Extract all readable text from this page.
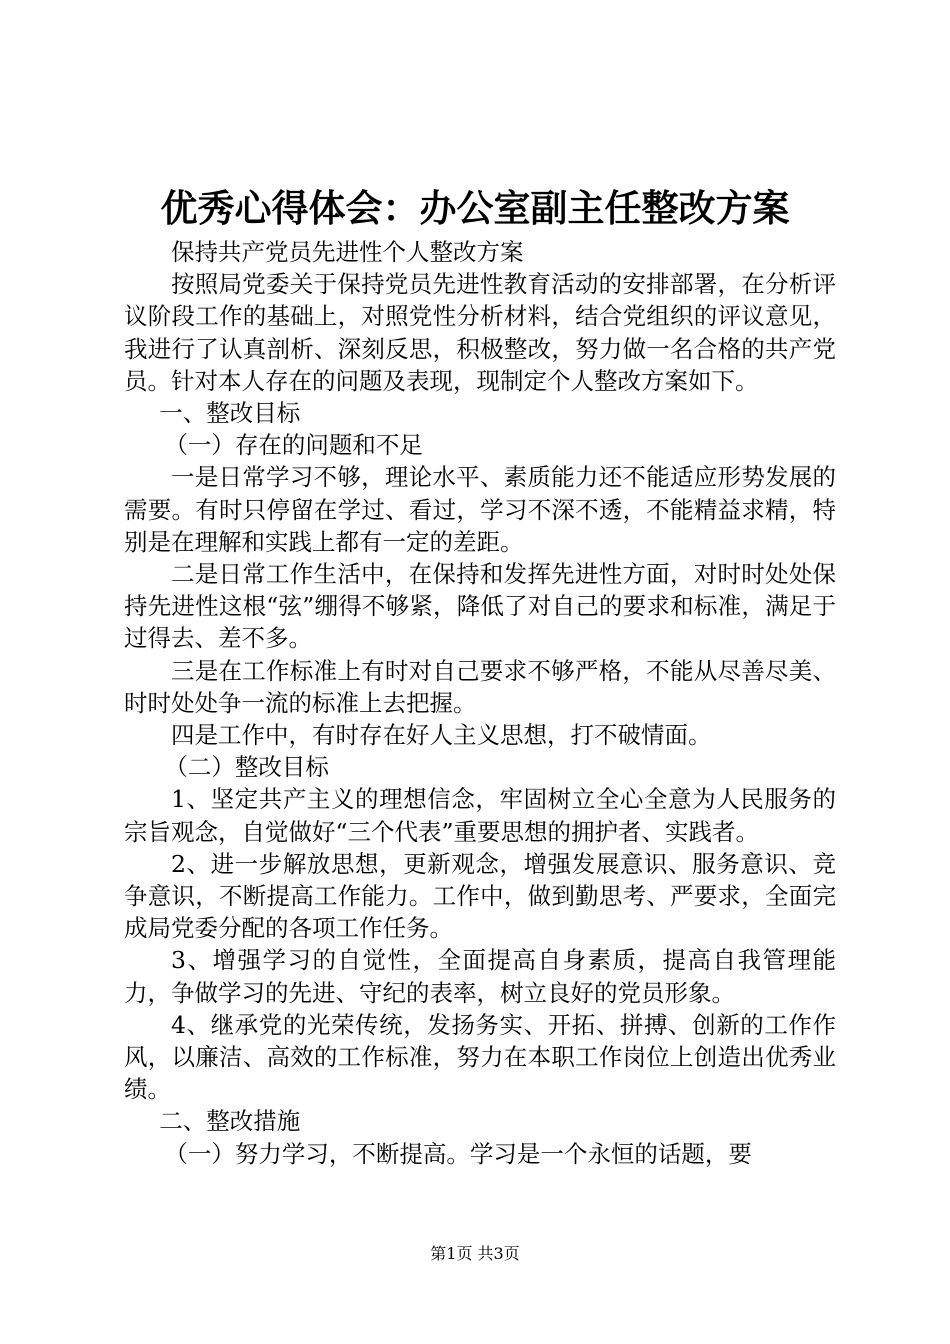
优秀心得体会：办公室副主任整改方案

保持共产党员先进性个人整改方案

按照局党委关于保持党员先进性教育活动的安排部署，在分析评议阶段工作的基础上，对照党性分析材料，结合党组织的评议意见，我进行了认真剖析、深刻反思，积极整改，努力做一名合格的共产党员。针对本人存在的问题及表现，现制定个人整改方案如下。

一、整改目标

（一）存在的问题和不足

一是日常学习不够，理论水平、素质能力还不能适应形势发展的需要。有时只停留在学过、看过，学习不深不透，不能精益求精，特别是在理解和实践上都有一定的差距。

二是日常工作生活中，在保持和发挥先进性方面，对时时处处保持先进性这根“弦”绷得不够紧，降低了对自己的要求和标准，满足于过得去、差不多。

三是在工作标准上有时对自己要求不够严格，不能从尽善尽美、时时处处争一流的标准上去把握。

四是工作中，有时存在好人主义思想，打不破情面。

（二）整改目标

1、坚定共产主义的理想信念，牢固树立全心全意为人民服务的宗旨观念，自觉做好“三个代表”重要思想的拥护者、实践者。

2、进一步解放思想，更新观念，增强发展意识、服务意识、竞争意识，不断提高工作能力。工作中，做到勤思考、严要求，全面完成局党委分配的各项工作任务。

3、增强学习的自觉性，全面提高自身素质，提高自我管理能力，争做学习的先进、守纪的表率，树立良好的党员形象。

4、继承党的光荣传统，发扬务实、开拓、拼搏、创新的工作作风，以廉洁、高效的工作标准，努力在本职工作岗位上创造出优秀业绩。

二、整改措施

（一）努力学习，不断提高。学习是一个永恒的话题，要

第1页 共3页
